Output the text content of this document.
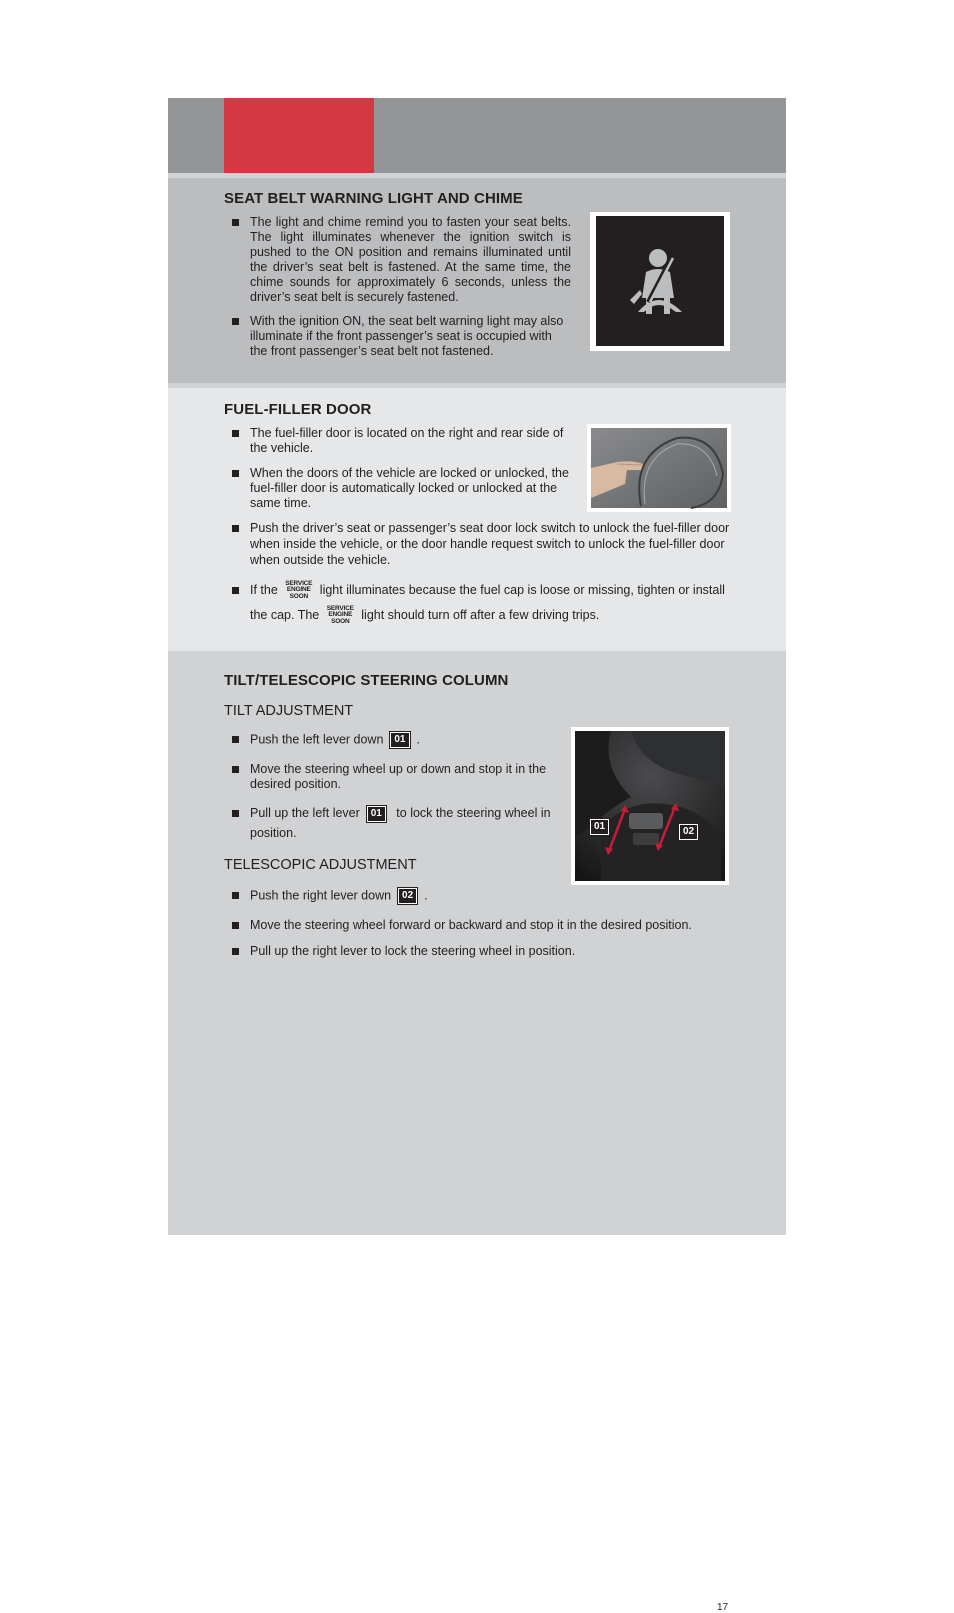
SEAT BELT WARNING LIGHT AND CHIME
The light and chime remind you to fasten your seat belts. The light illuminates whenever the ignition switch is pushed to the ON position and remains illuminated until the driver’s seat belt is fastened. At the same time, the chime sounds for approximately 6 seconds, unless the driver’s seat belt is securely fastened.
With the ignition ON, the seat belt warning light may also illuminate if the front passenger’s seat is occupied with the front passenger’s seat belt not fastened.
FUEL-FILLER DOOR
The fuel-filler door is located on the right and rear side of the vehicle.
When the doors of the vehicle are locked or unlocked, the fuel-filler door is automatically locked or unlocked at the same time.
Push the driver’s seat or passenger’s seat door lock switch to unlock the fuel-filler door when inside the vehicle, or the door handle request switch to unlock the fuel-filler door when outside the vehicle.
If the SERVICE
ENGINE
SOON light illuminates because the fuel cap is loose or missing, tighten or install
the cap. The SERVICE
ENGINE
SOON light should turn off after a few driving trips.
TILT/TELESCOPIC STEERING COLUMN
TILT ADJUSTMENT
Push the left lever down 01 .
Move the steering wheel up or down and stop it in the desired position.
Pull up the left lever 01 to lock the steering wheel in
position.
TELESCOPIC ADJUSTMENT
Push the right lever down 02 .
Move the steering wheel forward or backward and stop it in the desired position.
Pull up the right lever to lock the steering wheel in position.
01	02
17
